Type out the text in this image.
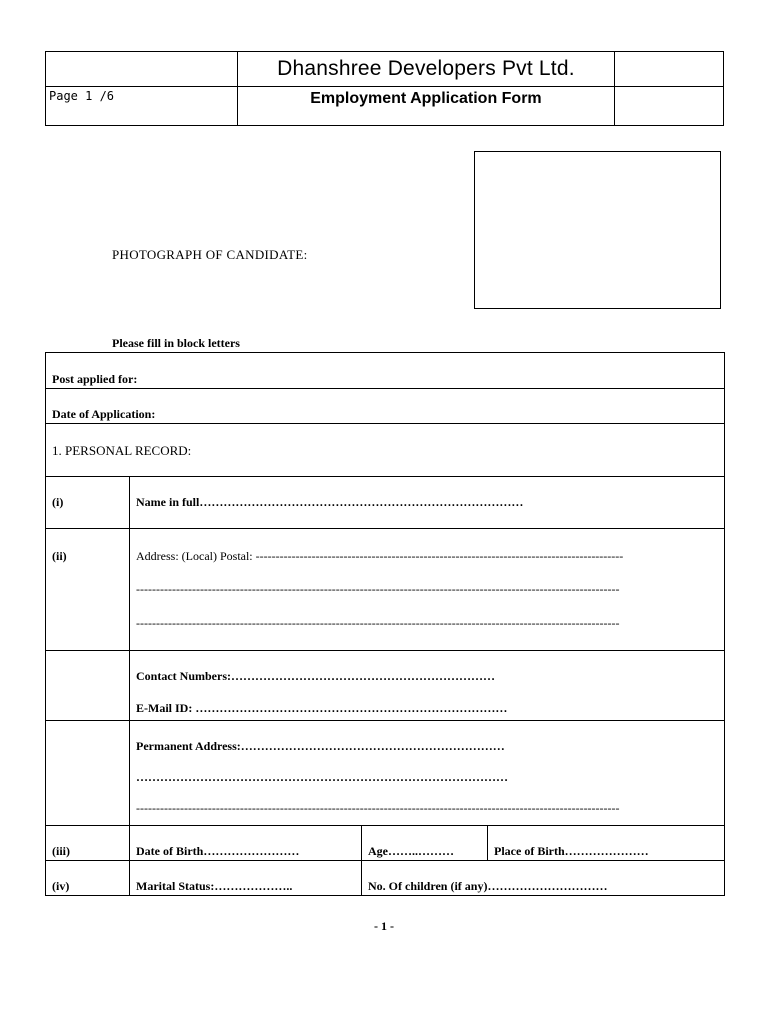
	Dhanshree Developers Pvt Ltd.	
Page 1 /6	Employment Application Form	
PHOTOGRAPH OF CANDIDATE:
Please fill in block letters
Post applied for:			
Date of Application:			
1. PERSONAL RECORD:			
(i)	Name in full………………………………………………………………………		
(ii)	Address: (Local) Postal: --------------------------------------------------------------------------------------------
-------------------------------------------------------------------------------------------------------------------------
-------------------------------------------------------------------------------------------------------------------------		

	Contact Numbers:…………………………………………………………
E-Mail ID: ……………………………………………………………………		

	Permanent Address:…………………………………………………………
…………………………………………………………………………………
-------------------------------------------------------------------------------------------------------------------------		

(iii)	Date of Birth……………………	Age……..………	Place of Birth…………………
(iv)	Marital Status:………………..	No. Of children (if any)…………………………	
- 1 -
